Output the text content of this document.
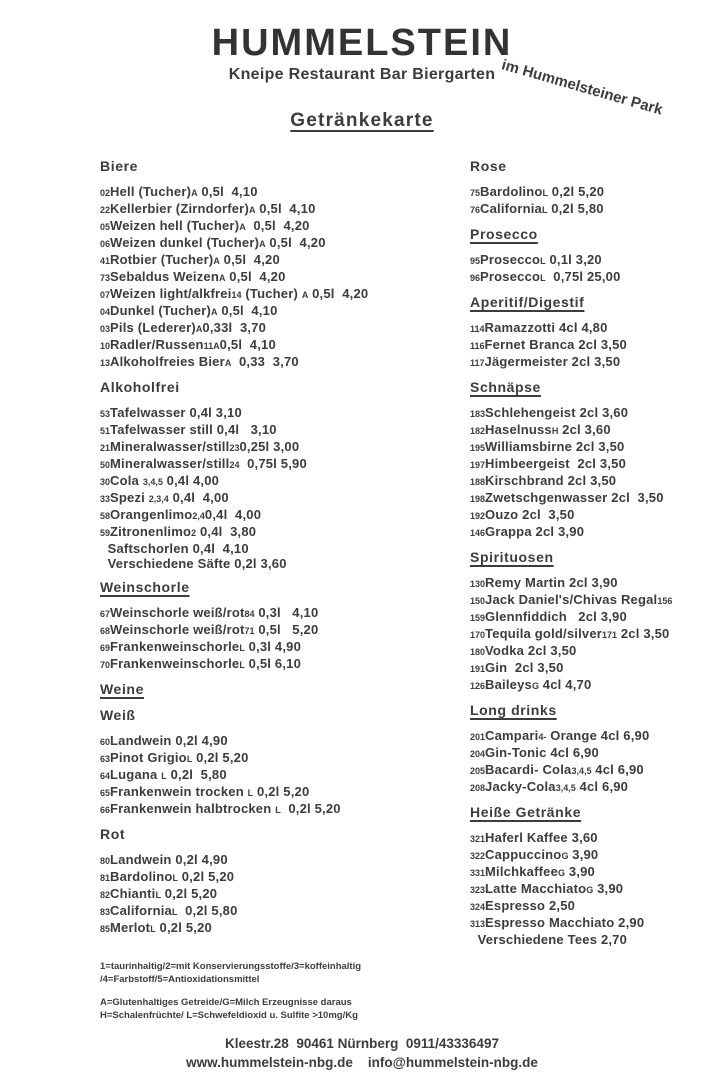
HUMMELSTEIN
Kneipe Restaurant Bar Biergarten im Hummelsteiner Park
Getränkekarte
Biere
02Hell (Tucher)A 0,5l  4,10
22Kellerbier (Zirndorfer)A 0,5l  4,10
05Weizen hell (Tucher)A  0,5l  4,20
06Weizen dunkel (Tucher)A 0,5l  4,20
41Rotbier (Tucher)A 0,5l  4,20
73Sebaldus WeizenA 0,5l  4,20
07Weizen light/alkfrei14 (Tucher) A 0,5l  4,20
04Dunkel (Tucher)A 0,5l  4,10
03Pils (Lederer)A0,33l  3,70
10Radler/Russen11A0,5l  4,10
13Alkoholfreies BierA  0,33  3,70
Alkoholfrei
53Tafelwasser 0,4l 3,10
51Tafelwasser still 0,4l   3,10
21Mineralwasser/still230,25l 3,00
50Mineralwasser/still24  0,75l 5,90
30Cola 3,4,5 0,4l 4,00
33Spezi 2,3,4 0,4l  4,00
58Orangenlimo2,40,4l  4,00
59Zitronenlimo2 0,4l  3,80
Saftschorlen 0,4l  4,10
Verschiedene Säfte 0,2l 3,60
Weinschorle
67Weinschorle weiß/rot84 0,3l   4,10
68Weinschorle weiß/rot71 0,5l   5,20
69FrankenweinschorleL 0,3l 4,90
70FrankenweinschorleL 0,5l 6,10
Weine
Weiß
60Landwein 0,2l 4,90
63Pinot GrigioL 0,2l 5,20
64Lugana L 0,2l  5,80
65Frankenwein trocken L 0,2l 5,20
66Frankenwein halbtrocken L  0,2l 5,20
Rot
80Landwein 0,2l 4,90
81BardolinoL 0,2l 5,20
82ChiantiL 0,2l 5,20
83CaliforniaL  0,2l 5,80
85MerlotL 0,2l 5,20
Rose
75BardolinoL 0,2l 5,20
76CaliforniaL 0,2l 5,80
Prosecco
95ProseccoL 0,1l 3,20
96ProseccoL  0,75l 25,00
Aperitif/Digestif
114Ramazzotti 4cl 4,80
116Fernet Branca 2cl 3,50
117Jägermeister 2cl 3,50
Schnäpse
183Schlehengeist 2cl 3,60
182HaselnussH 2cl 3,60
195Williamsbirne 2cl 3,50
197Himbeergeist  2cl 3,50
188Kirschbrand 2cl 3,50
198Zwetschgenwasser 2cl  3,50
192Ouzo 2cl  3,50
146Grappa 2cl 3,90
Spirituosen
130Remy Martin 2cl 3,90
150Jack Daniel's/Chivas Regal156
159Glennfiddich   2cl 3,90
170Tequila gold/silver171 2cl 3,50
180Vodka 2cl 3,50
191Gin  2cl 3,50
126BaileysG 4cl 4,70
Long drinks
201Campari4- Orange 4cl 6,90
204Gin-Tonic 4cl 6,90
205Bacardi- Cola3,4,5 4cl 6,90
208Jacky-Cola3,4,5 4cl 6,90
Heiße Getränke
321Haferl Kaffee 3,60
322CappuccinoG 3,90
331MilchkaffeeG 3,90
323Latte MacchiatoG 3,90
324Espresso 2,50
313Espresso Macchiato 2,90
Verschiedene Tees 2,70
1=taurinhaltig/2=mit Konservierungsstoffe/3=koffeinhaltig
/4=Farbstoff/5=Antioxidationsmittel
A=Glutenhaltiges Getreide/G=Milch Erzeugnisse daraus
H=Schalenfrüchte/ L=Schwefeldioxid u. Sulfite >10mg/Kg
Kleestr.28  90461 Nürnberg  0911/43336497
www.hummelstein-nbg.de    info@hummelstein-nbg.de
